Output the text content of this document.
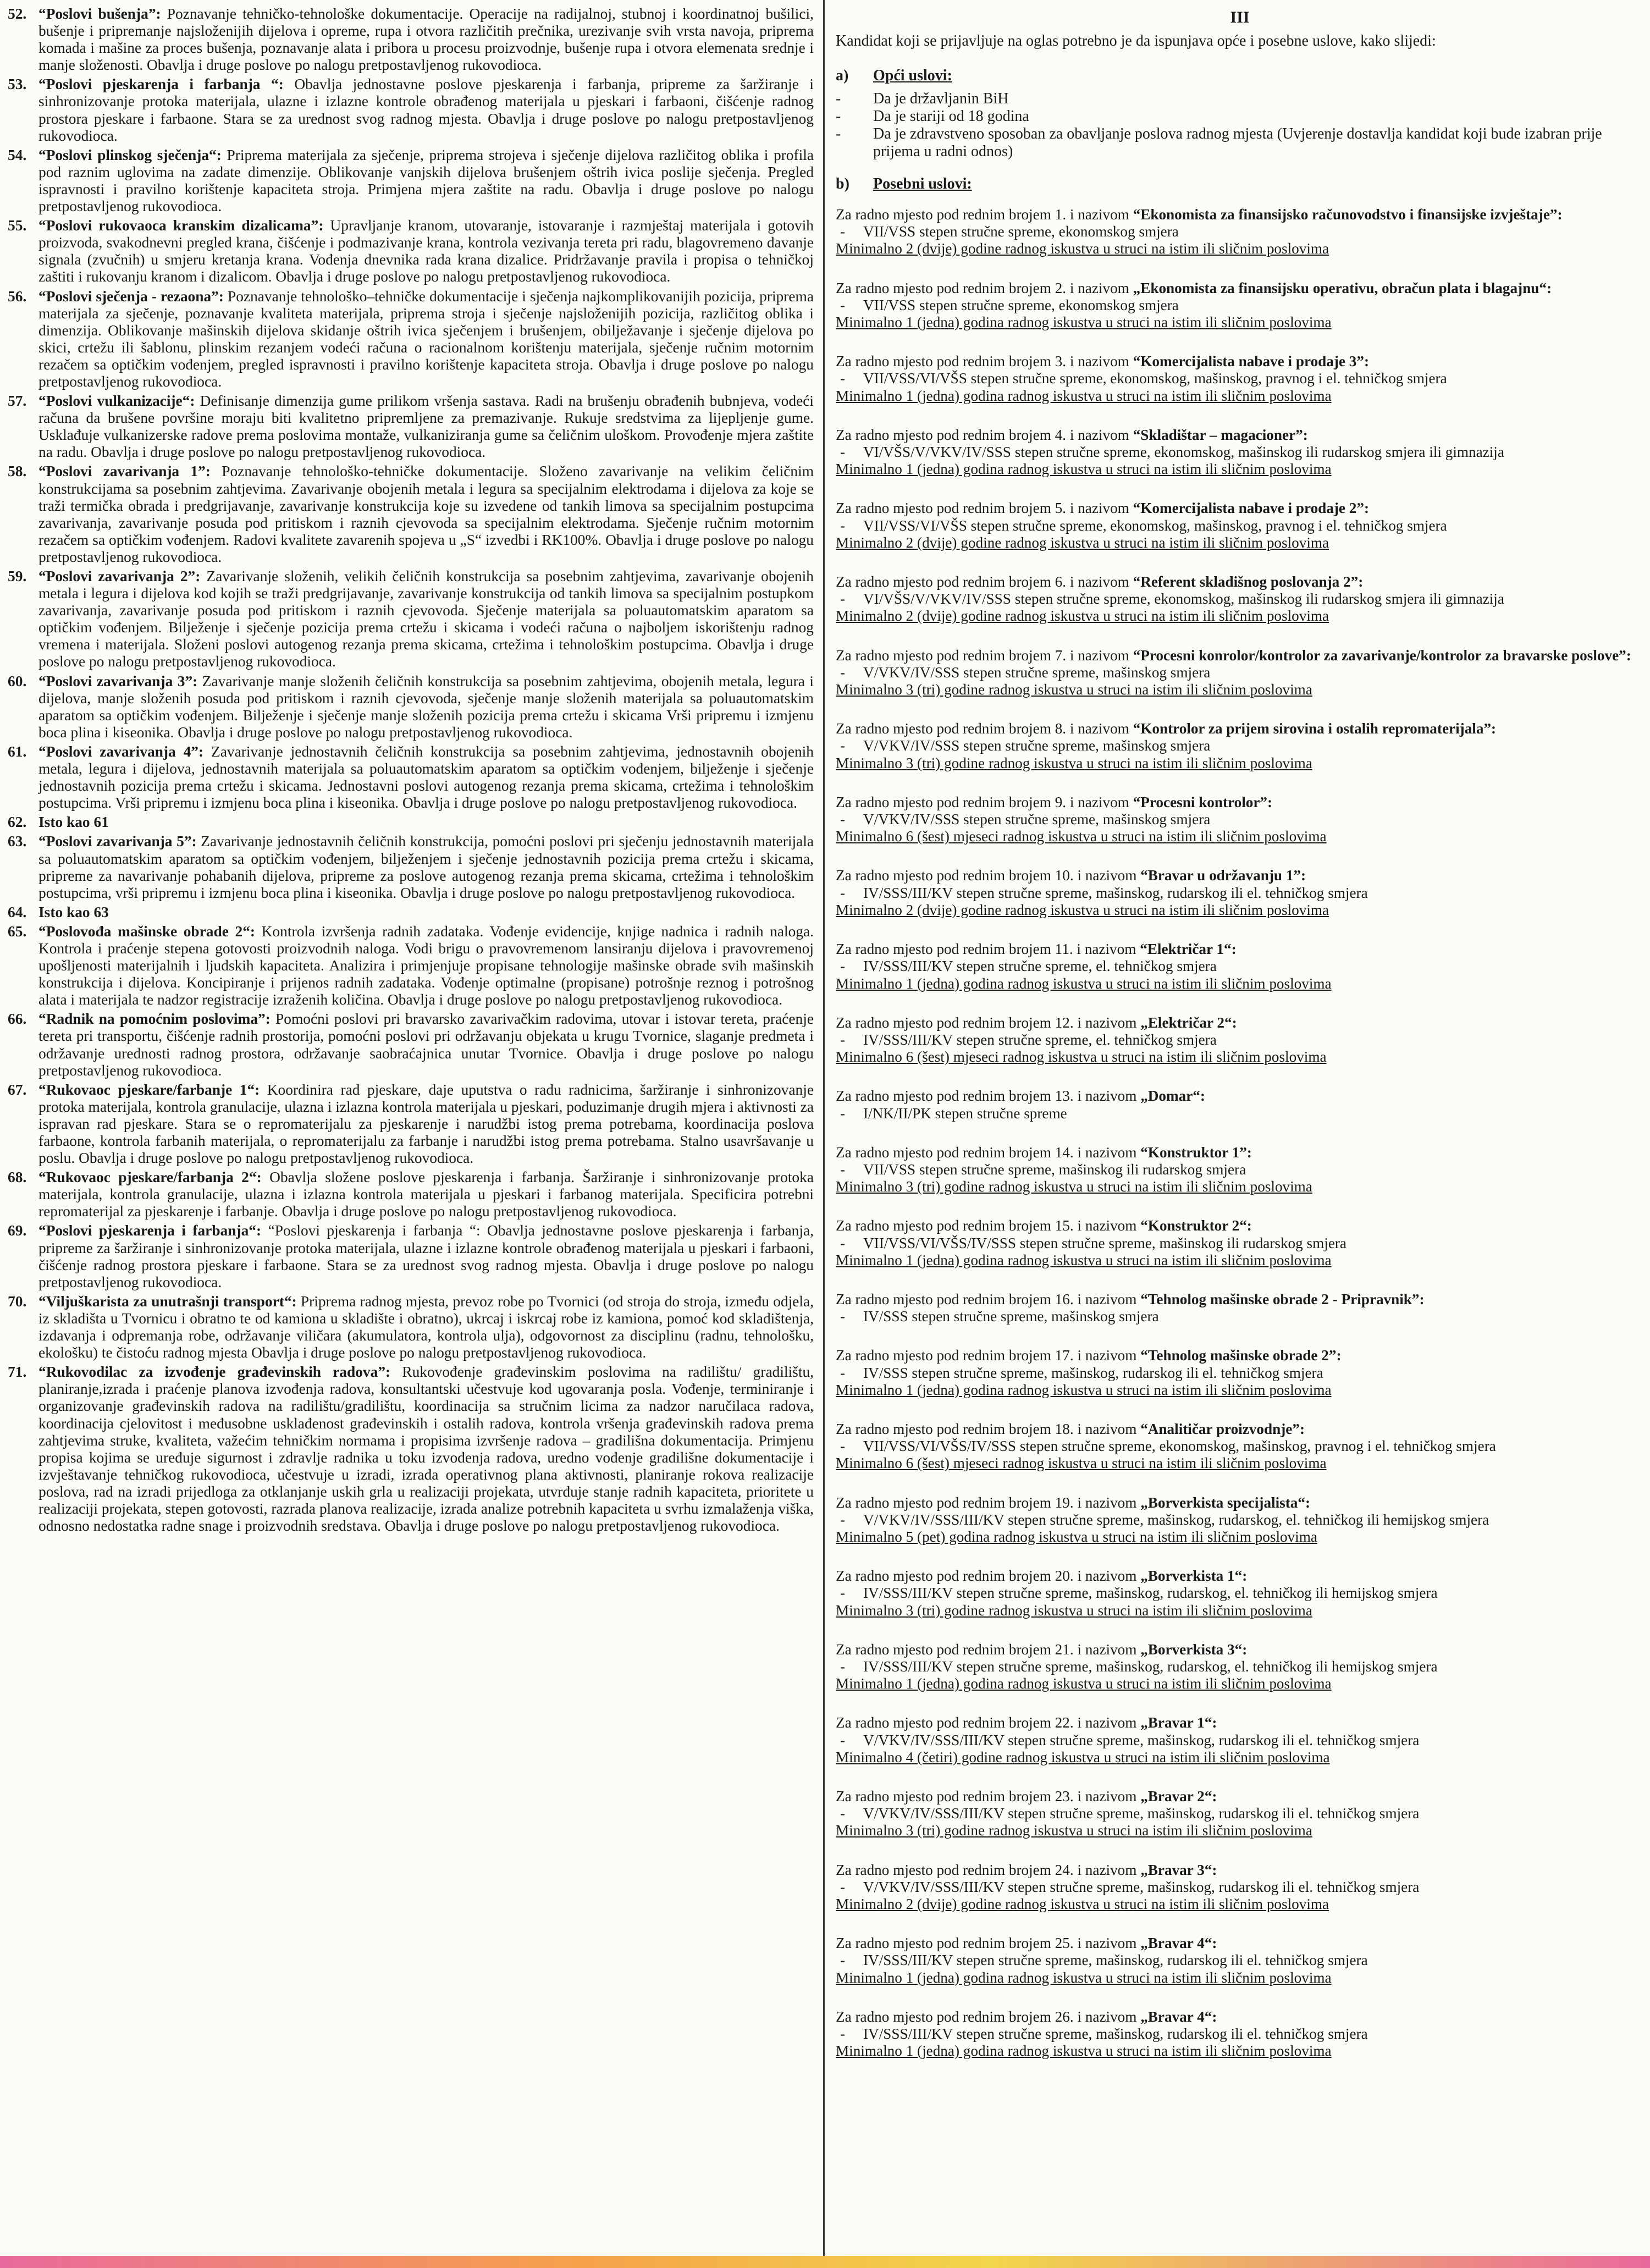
52. “Poslovi bušenja”: Poznavanje tehničko-tehnološke dokumentacije. Operacije na radijalnoj, stubnoj i koordinatnoj bušilici, bušenje i pripremanje najsloženijih dijelova i opreme, rupa i otvora različitih prečnika, urezivanje svih vrsta navoja, priprema komada i mašine za proces bušenja, poznavanje alata i pribora u procesu proizvodnje, bušenje rupa i otvora elemenata srednje i manje složenosti. Obavlja i druge poslove po nalogu pretpostavljenog rukovodioca.
53. “Poslovi pjeskarenja i farbanja “: Obavlja jednostavne poslove pjeskarenja i farbanja, pripreme za šaržiranje i sinhronizovanje protoka materijala, ulazne i izlazne kontrole obrađenog materijala u pjeskari i farbaoni, čišćenje radnog prostora pjeskare i farbaone. Stara se za urednost svog radnog mjesta. Obavlja i druge poslove po nalogu pretpostavljenog rukovodioca.
54. “Poslovi plinskog sječenja“: Priprema materijala za sječenje, priprema strojeva i sječenje dijelova različitog oblika i profila pod raznim uglovima na zadate dimenzije. Oblikovanje vanjskih dijelova brušenjem oštrih ivica poslije sječenja. Pregled ispravnosti i pravilno korištenje kapaciteta stroja. Primjena mjera zaštite na radu. Obavlja i druge poslove po nalogu pretpostavljenog rukovodioca.
55. “Poslovi rukovaoca kranskim dizalicama”: Upravljanje kranom, utovaranje, istovaranje i razmještaj materijala i gotovih proizvoda, svakodnevni pregled krana, čišćenje i podmazivanje krana, kontrola vezivanja tereta pri radu, blagovremeno davanje signala (zvučnih) u smjeru kretanja krana. Vođenja dnevnika rada krana dizalice. Pridržavanje pravila i propisa o tehničkoj zaštiti i rukovanju kranom i dizalicom. Obavlja i druge poslove po nalogu pretpostavljenog rukovodioca.
56. “Poslovi sječenja - rezaona”: Poznavanje tehnološko–tehničke dokumentacije i sječenja najkomplikovanijih pozicija, priprema materijala za sječenje, poznavanje kvaliteta materijala, priprema stroja i sječenje najsloženijih pozicija, različitog oblika i dimenzija. Oblikovanje mašinskih dijelova skidanje oštrih ivica sječenjem i brušenjem, obilježavanje i sječenje dijelova po skici, crtežu ili šablonu, plinskim rezanjem vodeći računa o racionalnom korištenju materijala, sječenje ručnim motornim rezačem sa optičkim vođenjem, pregled ispravnosti i pravilno korištenje kapaciteta stroja. Obavlja i druge poslove po nalogu pretpostavljenog rukovodioca.
57. “Poslovi vulkanizacije“: Definisanje dimenzija gume prilikom vršenja sastava. Radi na brušenju obrađenih bubnjeva, vodeći računa da brušene površine moraju biti kvalitetno pripremljene za premazivanje. Rukuje sredstvima za lijepljenje gume. Usklađuje vulkanizerske radove prema poslovima montaže, vulkaniziranja gume sa čeličnim uloškom. Provođenje mjera zaštite na radu. Obavlja i druge poslove po nalogu pretpostavljenog rukovodioca.
58. “Poslovi zavarivanja 1”: Poznavanje tehnološko-tehničke dokumentacije. Složeno zavarivanje na velikim čeličnim konstrukcijama sa posebnim zahtjevima. Zavarivanje obojenih metala i legura sa specijalnim elektrodama i dijelova za koje se traži termička obrada i predgrijavanje, zavarivanje konstrukcija koje su izvedene od tankih limova sa specijalnim postupcima zavarivanja, zavarivanje posuda pod pritiskom i raznih cjevovoda sa specijalnim elektrodama. Sječenje ručnim motornim rezačem sa optičkim vođenjem. Radovi kvalitete zavarenih spojeva u „S“ izvedbi i RK100%. Obavlja i druge poslove po nalogu pretpostavljenog rukovodioca.
59. “Poslovi zavarivanja 2”: Zavarivanje složenih, velikih čeličnih konstrukcija sa posebnim zahtjevima, zavarivanje obojenih metala i legura i dijelova kod kojih se traži predgrijavanje, zavarivanje konstrukcija od tankih limova sa specijalnim postupkom zavarivanja, zavarivanje posuda pod pritiskom i raznih cjevovoda. Sječenje materijala sa poluautomatskim aparatom sa optičkim vođenjem. Bilježenje i sječenje pozicija prema crtežu i skicama i vodeći računa o najboljem iskorištenju radnog vremena i materijala. Složeni poslovi autogenog rezanja prema skicama, crtežima i tehnološkim postupcima. Obavlja i druge poslove po nalogu pretpostavljenog rukovodioca.
60. “Poslovi zavarivanja 3”: Zavarivanje manje složenih čeličnih konstrukcija sa posebnim zahtjevima, obojenih metala, legura i dijelova, manje složenih posuda pod pritiskom i raznih cjevovoda, sječenje manje složenih materijala sa poluautomatskim aparatom sa optičkim vođenjem. Bilježenje i sječenje manje složenih pozicija prema crtežu i skicama Vrši pripremu i izmjenu boca plina i kiseonika. Obavlja i druge poslove po nalogu pretpostavljenog rukovodioca.
61. “Poslovi zavarivanja 4”: Zavarivanje jednostavnih čeličnih konstrukcija sa posebnim zahtjevima, jednostavnih obojenih metala, legura i dijelova, jednostavnih materijala sa poluautomatskim aparatom sa optičkim vođenjem, bilježenje i sječenje jednostavnih pozicija prema crtežu i skicama. Jednostavni poslovi autogenog rezanja prema skicama, crtežima i tehnološkim postupcima. Vrši pripremu i izmjenu boca plina i kiseonika. Obavlja i druge poslove po nalogu pretpostavljenog rukovodioca.
62. Isto kao 61
63. “Poslovi zavarivanja 5”: Zavarivanje jednostavnih čeličnih konstrukcija, pomoćni poslovi pri sječenju jednostavnih materijala sa poluautomatskim aparatom sa optičkim vođenjem, bilježenjem i sječenje jednostavnih pozicija prema crtežu i skicama, pripreme za navarivanje pohabanih dijelova, pripreme za poslove autogenog rezanja prema skicama, crtežima i tehnološkim postupcima, vrši pripremu i izmjenu boca plina i kiseonika. Obavlja i druge poslove po nalogu pretpostavljenog rukovodioca.
64. Isto kao 63
65. “Poslovođa mašinske obrade 2“: Kontrola izvršenja radnih zadataka. Vođenje evidencije, knjige nadnica i radnih naloga. Kontrola i praćenje stepena gotovosti proizvodnih naloga. Vodi brigu o pravovremenom lansiranju dijelova i pravovremenoj upošljenosti materijalnih i ljudskih kapaciteta. Analizira i primjenjuje propisane tehnologije mašinske obrade svih mašinskih konstrukcija i dijelova. Koncipiranje i prijenos radnih zadataka. Vođenje optimalne (propisane) potrošnje reznog i potrošnog alata i materijala te nadzor registracije izraženih količina. Obavlja i druge poslove po nalogu pretpostavljenog rukovodioca.
66. “Radnik na pomoćnim poslovima”: Pomoćni poslovi pri bravarsko zavarivačkim radovima, utovar i istovar tereta, praćenje tereta pri transportu, čišćenje radnih prostorija, pomoćni poslovi pri održavanju objekata u krugu Tvornice, slaganje predmeta i održavanje urednosti radnog prostora, održavanje saobraćajnica unutar Tvornice. Obavlja i druge poslove po nalogu pretpostavljenog rukovodioca.
67. “Rukovaoc pjeskare/farbanje 1“: Koordinira rad pjeskare, daje uputstva o radu radnicima, šaržiranje i sinhronizovanje protoka materijala, kontrola granulacije, ulazna i izlazna kontrola materijala u pjeskari, poduzimanje drugih mjera i aktivnosti za ispravan rad pjeskare. Stara se o repromaterijalu za pjeskarenje i narudžbi istog prema potrebama, koordinacija poslova farbaone, kontrola farbanih materijala, o repromaterijalu za farbanje i narudžbi istog prema potrebama. Stalno usavršavanje u poslu. Obavlja i druge poslove po nalogu pretpostavljenog rukovodioca.
68. “Rukovaoc pjeskare/farbanja 2“: Obavlja složene poslove pjeskarenja i farbanja. Šaržiranje i sinhronizovanje protoka materijala, kontrola granulacije, ulazna i izlazna kontrola materijala u pjeskari i farbanog materijala. Specificira potrebni repromaterijal za pjeskarenje i farbanje. Obavlja i druge poslove po nalogu pretpostavljenog rukovodioca.
69. “Poslovi pjeskarenja i farbanja“: “Poslovi pjeskarenja i farbanja “: Obavlja jednostavne poslove pjeskarenja i farbanja, pripreme za šaržiranje i sinhronizovanje protoka materijala, ulazne i izlazne kontrole obrađenog materijala u pjeskari i farbaoni, čišćenje radnog prostora pjeskare i farbaone. Stara se za urednost svog radnog mjesta. Obavlja i druge poslove po nalogu pretpostavljenog rukovodioca.
70. “Viljuškarista za unutrašnji transport“: Priprema radnog mjesta, prevoz robe po Tvornici (od stroja do stroja, između odjela, iz skladišta u Tvornicu i obratno te od kamiona u skladište i obratno), ukrcaj i iskrcaj robe iz kamiona, pomoć kod skladištenja, izdavanja i odpremanja robe, održavanje viličara (akumulatora, kontrola ulja), odgovornost za disciplinu (radnu, tehnološku, ekološku) te čistoću radnog mjesta Obavlja i druge poslove po nalogu pretpostavljenog rukovodioca.
71. “Rukovodilac za izvođenje građevinskih radova”: Rukovođenje građevinskim poslovima na radilištu/ gradilištu, planiranje,izrada i praćenje planova izvođenja radova, konsultantski učestvuje kod ugovaranja posla. Vođenje, terminiranje i organizovanje građevinskih radova na radilištu/gradilištu, koordinacija sa stručnim licima za nadzor naručilaca radova, koordinacija cjelovitost i međusobne usklađenost građevinskih i ostalih radova, kontrola vršenja građevinskih radova prema zahtjevima struke, kvaliteta, važećim tehničkim normama i propisima izvršenje radova – gradilišna dokumentacija. Primjenu propisa kojima se uređuje sigurnost i zdravlje radnika u toku izvođenja radova, uredno vođenje gradilišne dokumentacije i izvještavanje tehničkog rukovodioca, učestvuje u izradi, izrada operativnog plana aktivnosti, planiranje rokova realizacije poslova, rad na izradi prijedloga za otklanjanje uskih grla u realizaciji projekata, utvrđuje stanje radnih kapaciteta, prioritete u realizaciji projekata, stepen gotovosti, razrada planova realizacije, izrada analize potrebnih kapaciteta u svrhu izmalaženja viška, odnosno nedostatka radne snage i proizvodnih sredstava. Obavlja i druge poslove po nalogu pretpostavljenog rukovodioca.
III
Kandidat koji se prijavljuje na oglas potrebno je da ispunjava opće i posebne uslove, kako slijedi:
a)	Opći uslovi:
-	Da je državljanin BiH
-	Da je stariji od 18 godina
-	Da je zdravstveno sposoban za obavljanje poslova radnog mjesta (Uvjerenje dostavlja kandidat koji bude izabran prije prijema u radni odnos)
b)	Posebni uslovi:
Za radno mjesto pod rednim brojem 1. i nazivom “Ekonomista za finansijsko računovodstvo i finansijske izvještaje”:
-	VII/VSS stepen stručne spreme, ekonomskog smjera
Minimalno 2 (dvije) godine radnog iskustva u struci na istim ili sličnim poslovima
Za radno mjesto pod rednim brojem 2. i nazivom „Ekonomista za finansijsku operativu, obračun plata i blagajnu“:
-	VII/VSS stepen stručne spreme, ekonomskog smjera
Minimalno 1 (jedna) godina radnog iskustva u struci na istim ili sličnim poslovima
Za radno mjesto pod rednim brojem 3. i nazivom “Komercijalista nabave i prodaje 3”:
-	VII/VSS/VI/VŠS stepen stručne spreme, ekonomskog, mašinskog, pravnog i el. tehničkog smjera
Minimalno 1 (jedna) godina radnog iskustva u struci na istim ili sličnim poslovima
Za radno mjesto pod rednim brojem 4. i nazivom “Skladištar – magacioner”:
-	VI/VŠS/V/VKV/IV/SSS stepen stručne spreme, ekonomskog, mašinskog ili rudarskog smjera ili gimnazija
Minimalno 1 (jedna) godina radnog iskustva u struci na istim ili sličnim poslovima
Za radno mjesto pod rednim brojem 5. i nazivom “Komercijalista nabave i prodaje 2”:
-	VII/VSS/VI/VŠS stepen stručne spreme, ekonomskog, mašinskog, pravnog i el. tehničkog smjera
Minimalno 2 (dvije) godine radnog iskustva u struci na istim ili sličnim poslovima
Za radno mjesto pod rednim brojem 6. i nazivom “Referent skladišnog poslovanja 2”:
-	VI/VŠS/V/VKV/IV/SSS stepen stručne spreme, ekonomskog, mašinskog ili rudarskog smjera ili gimnazija
Minimalno 2 (dvije) godine radnog iskustva u struci na istim ili sličnim poslovima
Za radno mjesto pod rednim brojem 7. i nazivom “Procesni konrolor/kontrolor za zavarivanje/kontrolor za bravarske poslove”:
-	V/VKV/IV/SSS stepen stručne spreme, mašinskog smjera
Minimalno 3 (tri) godine radnog iskustva u struci na istim ili sličnim poslovima
Za radno mjesto pod rednim brojem 8. i nazivom “Kontrolor za prijem sirovina i ostalih repromaterijala”:
-	V/VKV/IV/SSS stepen stručne spreme, mašinskog smjera
Minimalno 3 (tri) godine radnog iskustva u struci na istim ili sličnim poslovima
Za radno mjesto pod rednim brojem 9. i nazivom “Procesni kontrolor”:
-	V/VKV/IV/SSS stepen stručne spreme, mašinskog smjera
Minimalno 6 (šest) mjeseci radnog iskustva u struci na istim ili sličnim poslovima
Za radno mjesto pod rednim brojem 10. i nazivom “Bravar u održavanju 1”:
-	IV/SSS/III/KV stepen stručne spreme, mašinskog, rudarskog ili el. tehničkog smjera
Minimalno 2 (dvije) godine radnog iskustva u struci na istim ili sličnim poslovima
Za radno mjesto pod rednim brojem 11. i nazivom “Električar 1“:
-	IV/SSS/III/KV stepen stručne spreme, el. tehničkog smjera
Minimalno 1 (jedna) godina radnog iskustva u struci na istim ili sličnim poslovima
Za radno mjesto pod rednim brojem 12. i nazivom „Električar 2“:
-	IV/SSS/III/KV stepen stručne spreme, el. tehničkog smjera
Minimalno 6 (šest) mjeseci radnog iskustva u struci na istim ili sličnim poslovima
Za radno mjesto pod rednim brojem 13. i nazivom „Domar“:
-	I/NK/II/PK stepen stručne spreme
Za radno mjesto pod rednim brojem 14. i nazivom “Konstruktor 1”:
-	VII/VSS stepen stručne spreme, mašinskog ili rudarskog smjera
Minimalno 3 (tri) godine radnog iskustva u struci na istim ili sličnim poslovima
Za radno mjesto pod rednim brojem 15. i nazivom “Konstruktor 2“:
-	VII/VSS/VI/VŠS/IV/SSS stepen stručne spreme, mašinskog ili rudarskog smjera
Minimalno 1 (jedna) godina radnog iskustva u struci na istim ili sličnim poslovima
Za radno mjesto pod rednim brojem 16. i nazivom “Tehnolog mašinske obrade 2 - Pripravnik”:
-	IV/SSS stepen stručne spreme, mašinskog smjera
Za radno mjesto pod rednim brojem 17. i nazivom “Tehnolog mašinske obrade 2”:
-	IV/SSS stepen stručne spreme, mašinskog, rudarskog ili el. tehničkog smjera
Minimalno 1 (jedna) godina radnog iskustva u struci na istim ili sličnim poslovima
Za radno mjesto pod rednim brojem 18. i nazivom “Analitičar proizvodnje”:
-	VII/VSS/VI/VŠS/IV/SSS stepen stručne spreme, ekonomskog, mašinskog, pravnog i el. tehničkog smjera
Minimalno 6 (šest) mjeseci radnog iskustva u struci na istim ili sličnim poslovima
Za radno mjesto pod rednim brojem 19. i nazivom „Borverkista specijalista“:
-	V/VKV/IV/SSS/III/KV stepen stručne spreme, mašinskog, rudarskog, el. tehničkog ili hemijskog smjera
Minimalno 5 (pet) godina radnog iskustva u struci na istim ili sličnim poslovima
Za radno mjesto pod rednim brojem 20. i nazivom „Borverkista 1“:
-	IV/SSS/III/KV stepen stručne spreme, mašinskog, rudarskog, el. tehničkog ili hemijskog smjera
Minimalno 3 (tri) godine radnog iskustva u struci na istim ili sličnim poslovima
Za radno mjesto pod rednim brojem 21. i nazivom „Borverkista 3“:
-	IV/SSS/III/KV stepen stručne spreme, mašinskog, rudarskog, el. tehničkog ili hemijskog smjera
Minimalno 1 (jedna) godina radnog iskustva u struci na istim ili sličnim poslovima
Za radno mjesto pod rednim brojem 22. i nazivom „Bravar 1“:
-	V/VKV/IV/SSS/III/KV stepen stručne spreme, mašinskog, rudarskog ili el. tehničkog smjera
Minimalno 4 (četiri) godine radnog iskustva u struci na istim ili sličnim poslovima
Za radno mjesto pod rednim brojem 23. i nazivom „Bravar 2“:
-	V/VKV/IV/SSS/III/KV stepen stručne spreme, mašinskog, rudarskog ili el. tehničkog smjera
Minimalno 3 (tri) godine radnog iskustva u struci na istim ili sličnim poslovima
Za radno mjesto pod rednim brojem 24. i nazivom „Bravar 3“:
-	V/VKV/IV/SSS/III/KV stepen stručne spreme, mašinskog, rudarskog ili el. tehničkog smjera
Minimalno 2 (dvije) godine radnog iskustva u struci na istim ili sličnim poslovima
Za radno mjesto pod rednim brojem 25. i nazivom „Bravar 4“:
-	IV/SSS/III/KV stepen stručne spreme, mašinskog, rudarskog ili el. tehničkog smjera
Minimalno 1 (jedna) godina radnog iskustva u struci na istim ili sličnim poslovima
Za radno mjesto pod rednim brojem 26. i nazivom „Bravar 4“:
-	IV/SSS/III/KV stepen stručne spreme, mašinskog, rudarskog ili el. tehničkog smjera
Minimalno 1 (jedna) godina radnog iskustva u struci na istim ili sličnim poslovima
